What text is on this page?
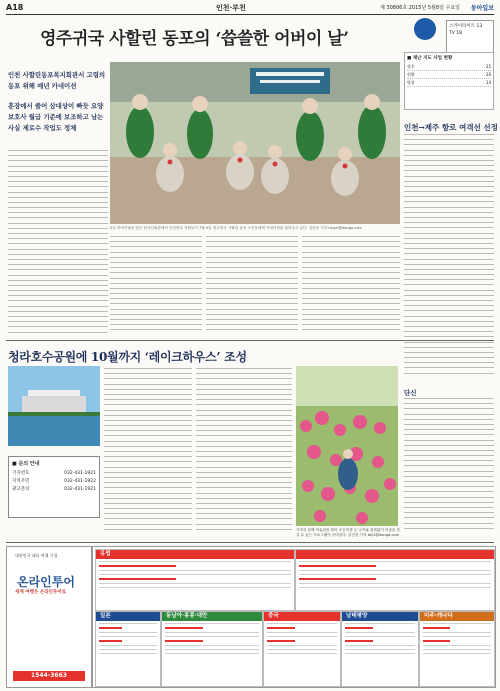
A18	인천·부천	제 30806호 2015년 5월8일 수요일 동아일보
영주귀국 사할린 동포의 ‘씁쓸한 어버이 날’
스카이라이트 13
TV 18
■ 재난 지도 사업 현황
향후	25
현황	26
방향	14

인천 사할린동포복지회관서 고령의 동포 위해 매년 카네이션

훈장에서 줄어 삼대상이 빠듯 요양보호사 월급 기준에 보조하고 남는 사실 제로수 작업도 정체

5일 어버이날을 앞둔 한국인회관에서 인천연수 직원들이 7월 5일 영주귀국 사할린 동포 노인들에게 카네이션을 달아주고 있다. 김한준 기자 hkjun@donga.com
인천→제주 항로 여객선 선정
단신
청라호수공원에 10월까지 ‘레이크하우스’ 조성
■ 문의 안내
기자번호	032-431-1921
지역주민	032-431-1922
광고문의	032-431-1921
가족과 함께 미술관을 찾아 초등학생 등 나이와 관계없이 미술을 즐길 수 있는 프로그램이 준비된다. 김인천 기자 bhj1@donga.com
대한민국 대표 여행 기업
온라인투어
세계 여행은 온라인투어로
1544-3663
유럽
일본	동남아·홍콩·대만	중국	남태평양	미주·캐나다
